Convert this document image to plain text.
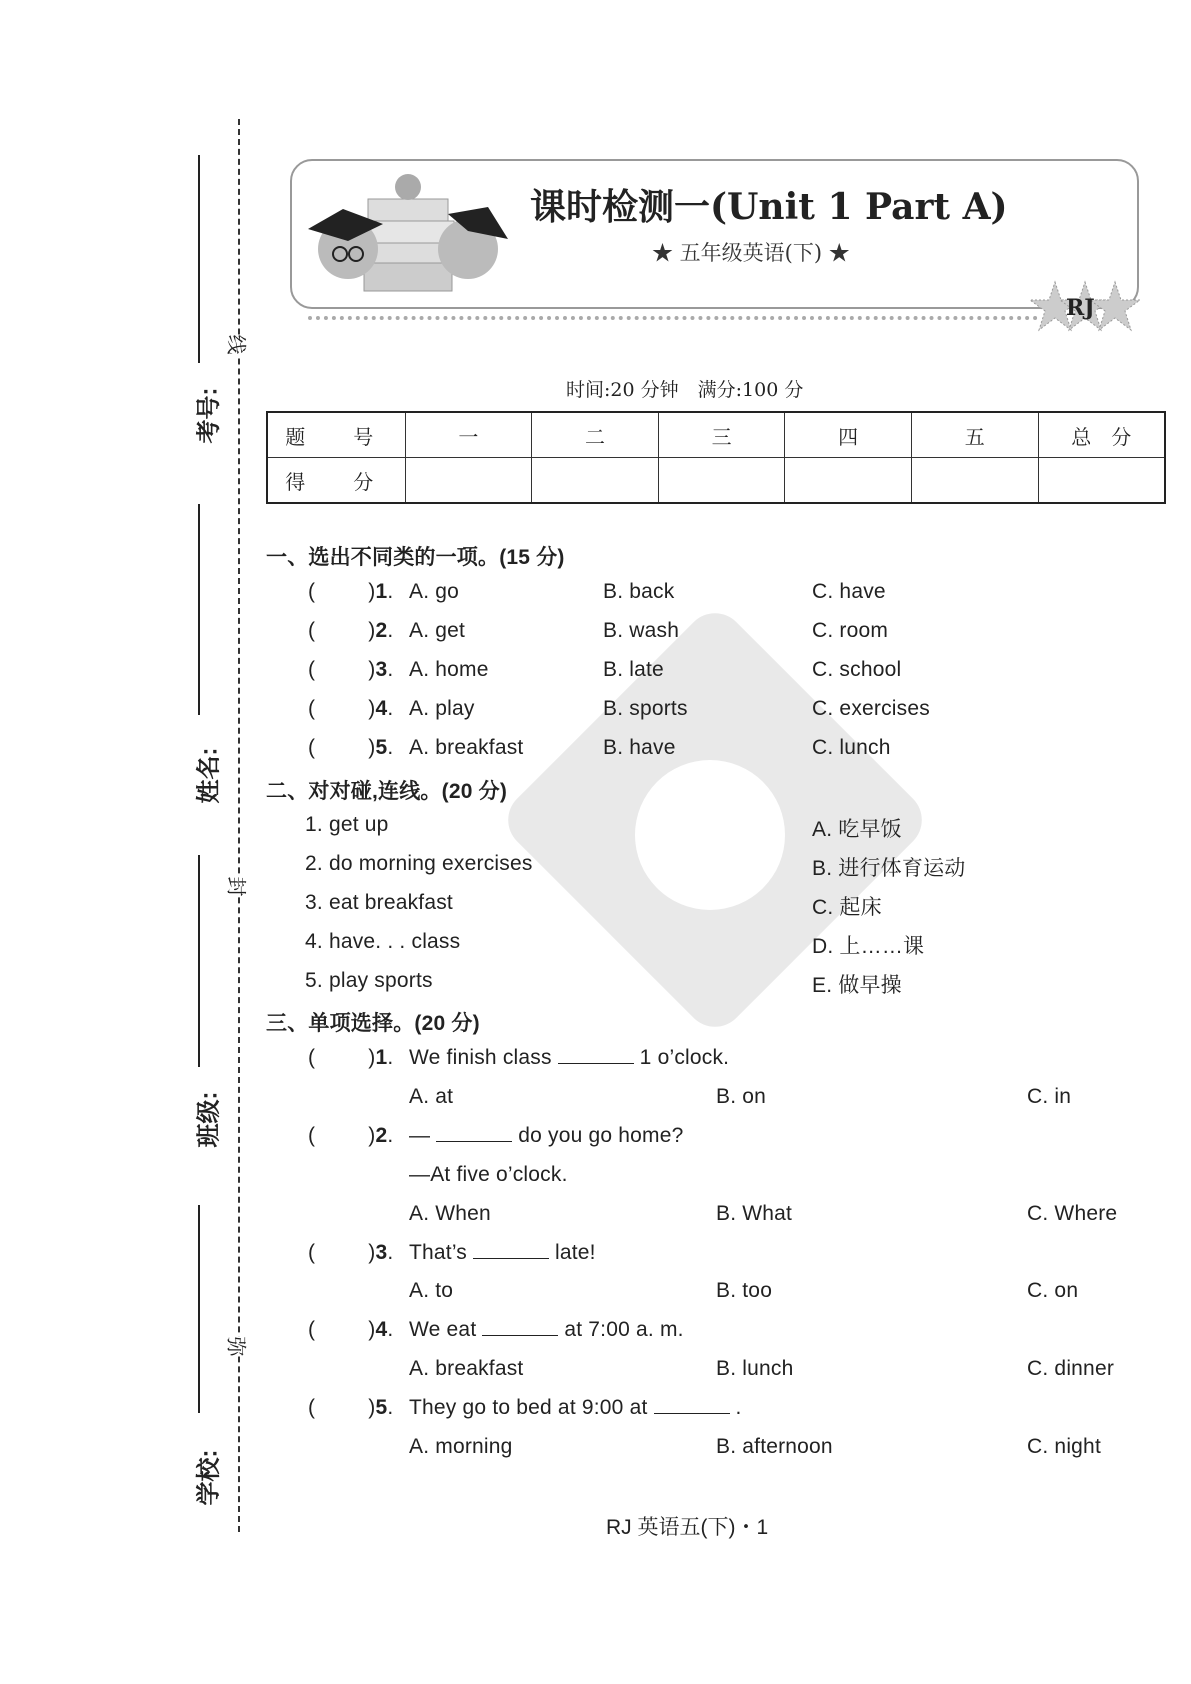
考号:
姓名:
班级:
学校:
线
封
弥
课时检测一(Unit 1 Part A)
★ 五年级英语(下) ★
RJ
时间:20 分钟　满分:100 分
题　号	一	二	三	四	五	总　分
得　分						
一、选出不同类的一项。(15 分)
(   )1. A. go	B. back	C. have
(   )2. A. get	B. wash	C. room
(   )3. A. home	B. late	C. school
(   )4. A. play	B. sports	C. exercises
(   )5. A. breakfast	B. have	C. lunch
二、对对碰,连线。(20 分)
1. get up	A. 吃早饭
2. do morning exercises	B. 进行体育运动
3. eat breakfast	C. 起床
4. have. . . class	D. 上……课
5. play sports	E. 做早操
三、单项选择。(20 分)
(   )1. We finish class	1 o’clock.
A. at	B. on	C. in
(   )2. —	do you go home?
—At five o’clock.
A. When	B. What	C. Where
(   )3. That’s	late!
A. to	B. too	C. on
(   )4. We eat	at 7:00 a. m.
A. breakfast	B. lunch	C. dinner
(   )5. They go to bed at 9:00 at	.
A. morning	B. afternoon	C. night
RJ 英语五(下)・1
